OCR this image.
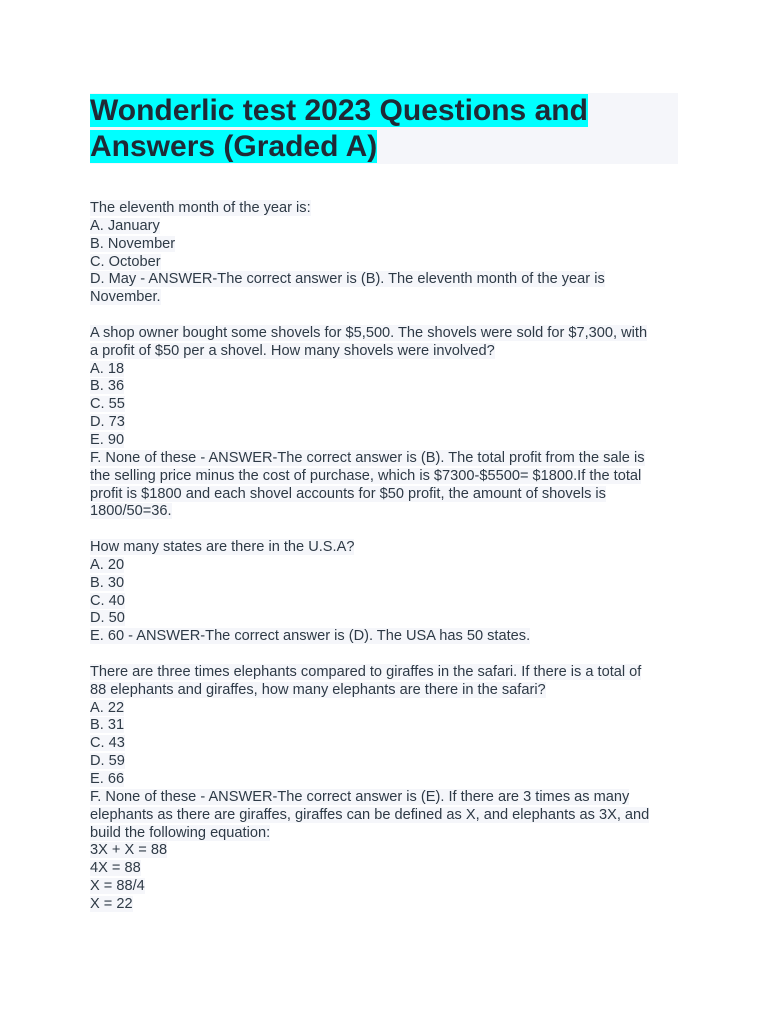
Wonderlic test 2023 Questions and
Answers (Graded A)
The eleventh month of the year is:
A. January
B. November
C. October
D. May - ANSWER-The correct answer is (B). The eleventh month of the year is
November.
A shop owner bought some shovels for $5,500. The shovels were sold for $7,300, with
a profit of $50 per a shovel. How many shovels were involved?
A. 18
B. 36
C. 55
D. 73
E. 90
F. None of these - ANSWER-The correct answer is (B). The total profit from the sale is
the selling price minus the cost of purchase, which is $7300-$5500= $1800.If the total
profit is $1800 and each shovel accounts for $50 profit, the amount of shovels is
1800/50=36.
How many states are there in the U.S.A?
A. 20
B. 30
C. 40
D. 50
E. 60 - ANSWER-The correct answer is (D). The USA has 50 states.
There are three times elephants compared to giraffes in the safari. If there is a total of
88 elephants and giraffes, how many elephants are there in the safari?
A. 22
B. 31
C. 43
D. 59
E. 66
F. None of these - ANSWER-The correct answer is (E). If there are 3 times as many
elephants as there are giraffes, giraffes can be defined as X, and elephants as 3X, and
build the following equation:
3X + X = 88
4X = 88
X = 88/4
X = 22
